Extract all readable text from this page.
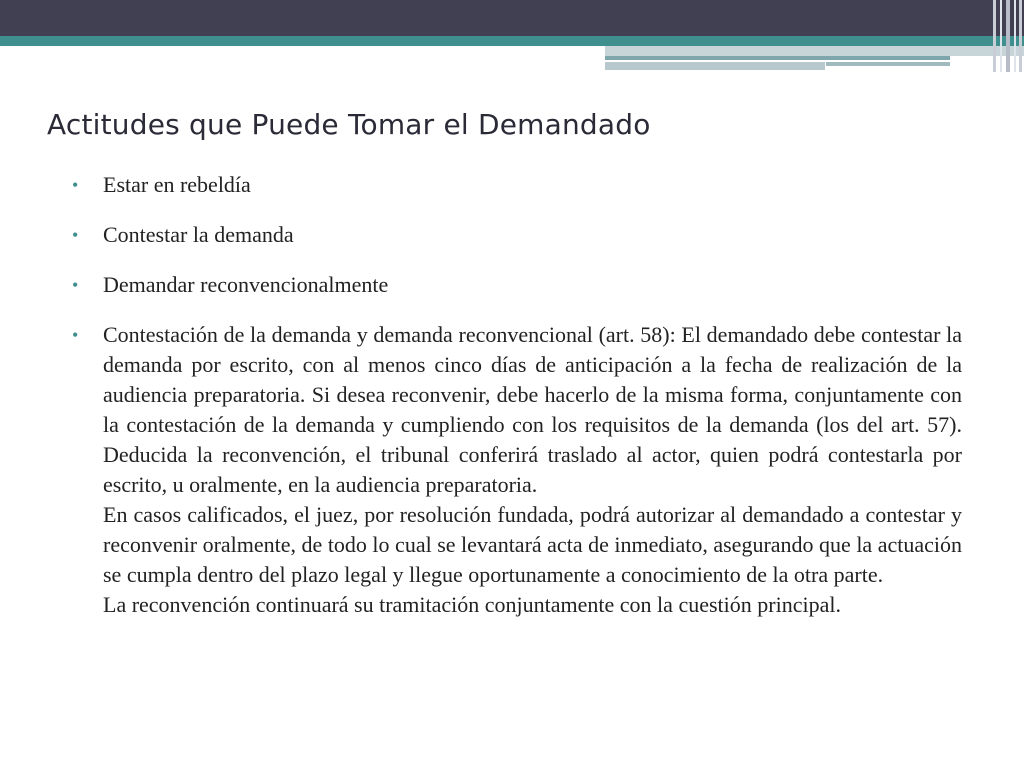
Actitudes que Puede Tomar el Demandado
• Estar en rebeldía
• Contestar la demanda
• Demandar reconvencionalmente
• Contestación de la demanda y demanda reconvencional (art. 58): El demandado debe contestar la demanda por escrito, con al menos cinco días de anticipación a la fecha de realización de la audiencia preparatoria. Si desea reconvenir, debe hacerlo de la misma forma, conjuntamente con la contestación de la demanda y cumpliendo con los requisitos de la demanda (los del art. 57). Deducida la reconvención, el tribunal conferirá traslado al actor, quien podrá contestarla por escrito, u oralmente, en la audiencia preparatoria.
En casos calificados, el juez, por resolución fundada, podrá autorizar al demandado a contestar y reconvenir oralmente, de todo lo cual se levantará acta de inmediato, asegurando que la actuación se cumpla dentro del plazo legal y llegue oportunamente a conocimiento de la otra parte.
La reconvención continuará su tramitación conjuntamente con la cuestión principal.
